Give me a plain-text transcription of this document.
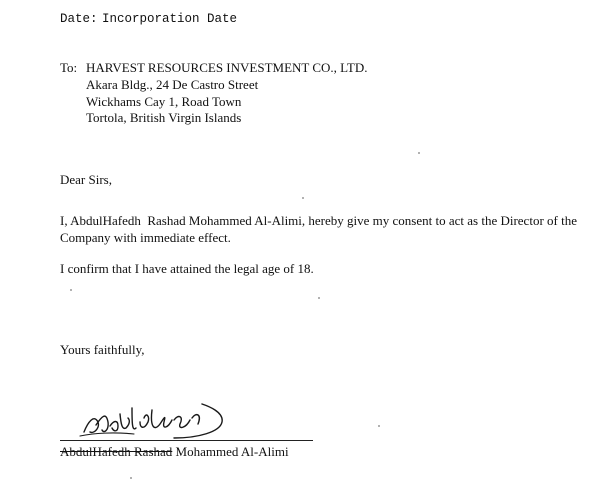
Date: Incorporation Date
To: HARVEST RESOURCES INVESTMENT CO., LTD.
Akara Bldg., 24 De Castro Street
Wickhams Cay 1, Road Town
Tortola, British Virgin Islands
Dear Sirs,
I, AbdulHafedh  Rashad Mohammed Al-Alimi, hereby give my consent to act as the Director of the
Company with immediate effect.
I confirm that I have attained the legal age of 18.
Yours faithfully,
AbdulHafedh Rashad Mohammed Al-Alimi
